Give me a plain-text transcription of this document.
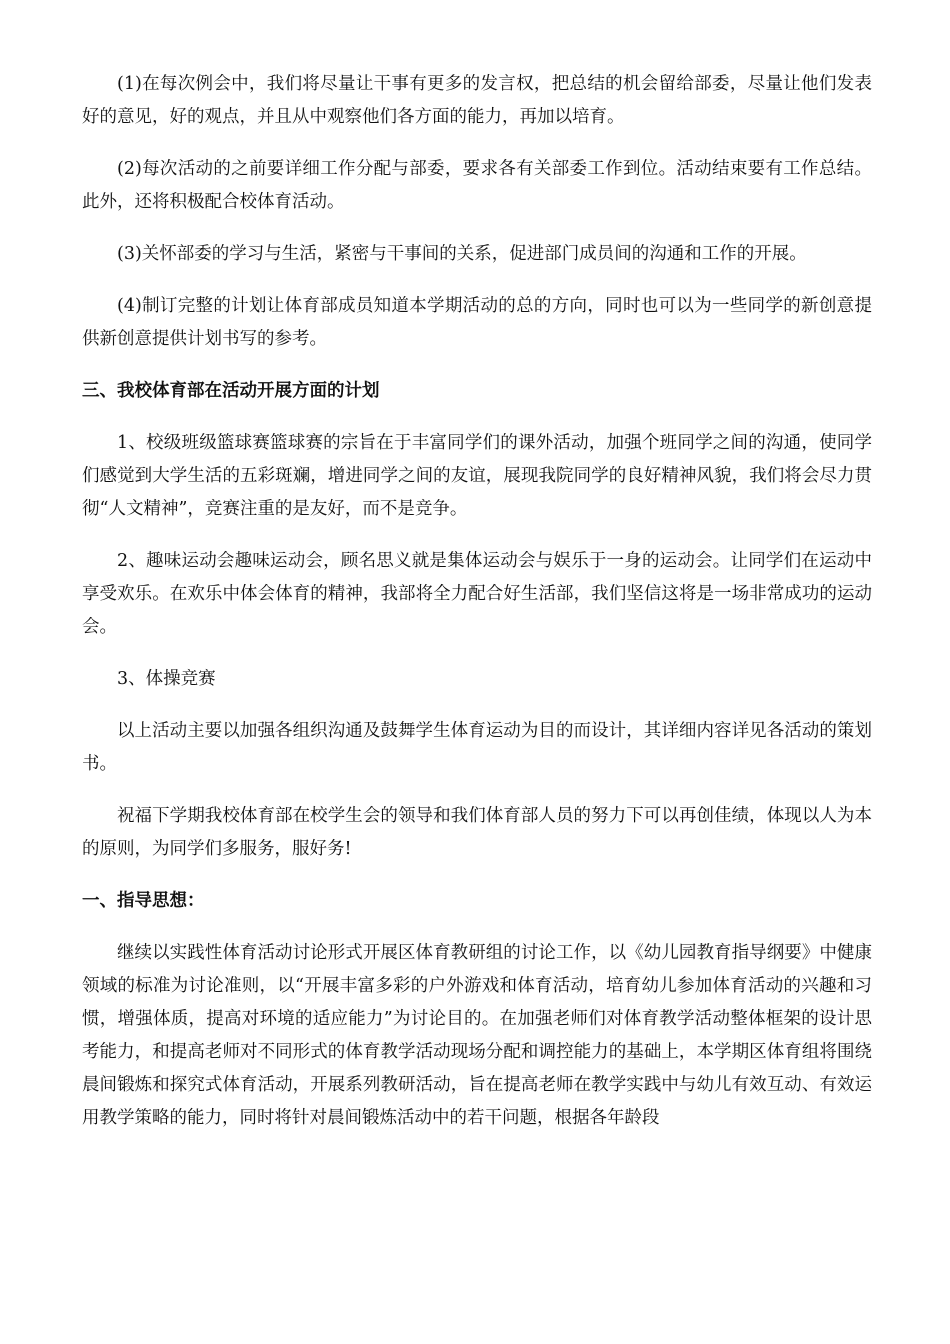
(1)在每次例会中，我们将尽量让干事有更多的发言权，把总结的机会留给部委，尽量让他们发表好的意见，好的观点，并且从中观察他们各方面的能力，再加以培育。

(2)每次活动的之前要详细工作分配与部委，要求各有关部委工作到位。活动结束要有工作总结。此外，还将积极配合校体育活动。

(3)关怀部委的学习与生活，紧密与干事间的关系，促进部门成员间的沟通和工作的开展。

(4)制订完整的计划让体育部成员知道本学期活动的总的方向，同时也可以为一些同学的新创意提供新创意提供计划书写的参考。

三、我校体育部在活动开展方面的计划

1、校级班级篮球赛篮球赛的宗旨在于丰富同学们的课外活动，加强个班同学之间的沟通，使同学们感觉到大学生活的五彩斑斓，增进同学之间的友谊，展现我院同学的良好精神风貌，我们将会尽力贯彻“人文精神”，竞赛注重的是友好，而不是竞争。

2、趣味运动会趣味运动会，顾名思义就是集体运动会与娱乐于一身的运动会。让同学们在运动中享受欢乐。在欢乐中体会体育的精神，我部将全力配合好生活部，我们坚信这将是一场非常成功的运动会。

3、体操竞赛

以上活动主要以加强各组织沟通及鼓舞学生体育运动为目的而设计，其详细内容详见各活动的策划书。

祝福下学期我校体育部在校学生会的领导和我们体育部人员的努力下可以再创佳绩，体现以人为本的原则，为同学们多服务，服好务!

一、指导思想：

继续以实践性体育活动讨论形式开展区体育教研组的讨论工作，以《幼儿园教育指导纲要》中健康领域的标准为讨论准则，以“开展丰富多彩的户外游戏和体育活动，培育幼儿参加体育活动的兴趣和习惯，增强体质，提高对环境的适应能力”为讨论目的。在加强老师们对体育教学活动整体框架的设计思考能力，和提高老师对不同形式的体育教学活动现场分配和调控能力的基础上，本学期区体育组将围绕晨间锻炼和探究式体育活动，开展系列教研活动，旨在提高老师在教学实践中与幼儿有效互动、有效运用教学策略的能力，同时将针对晨间锻炼活动中的若干问题，根据各年龄段
